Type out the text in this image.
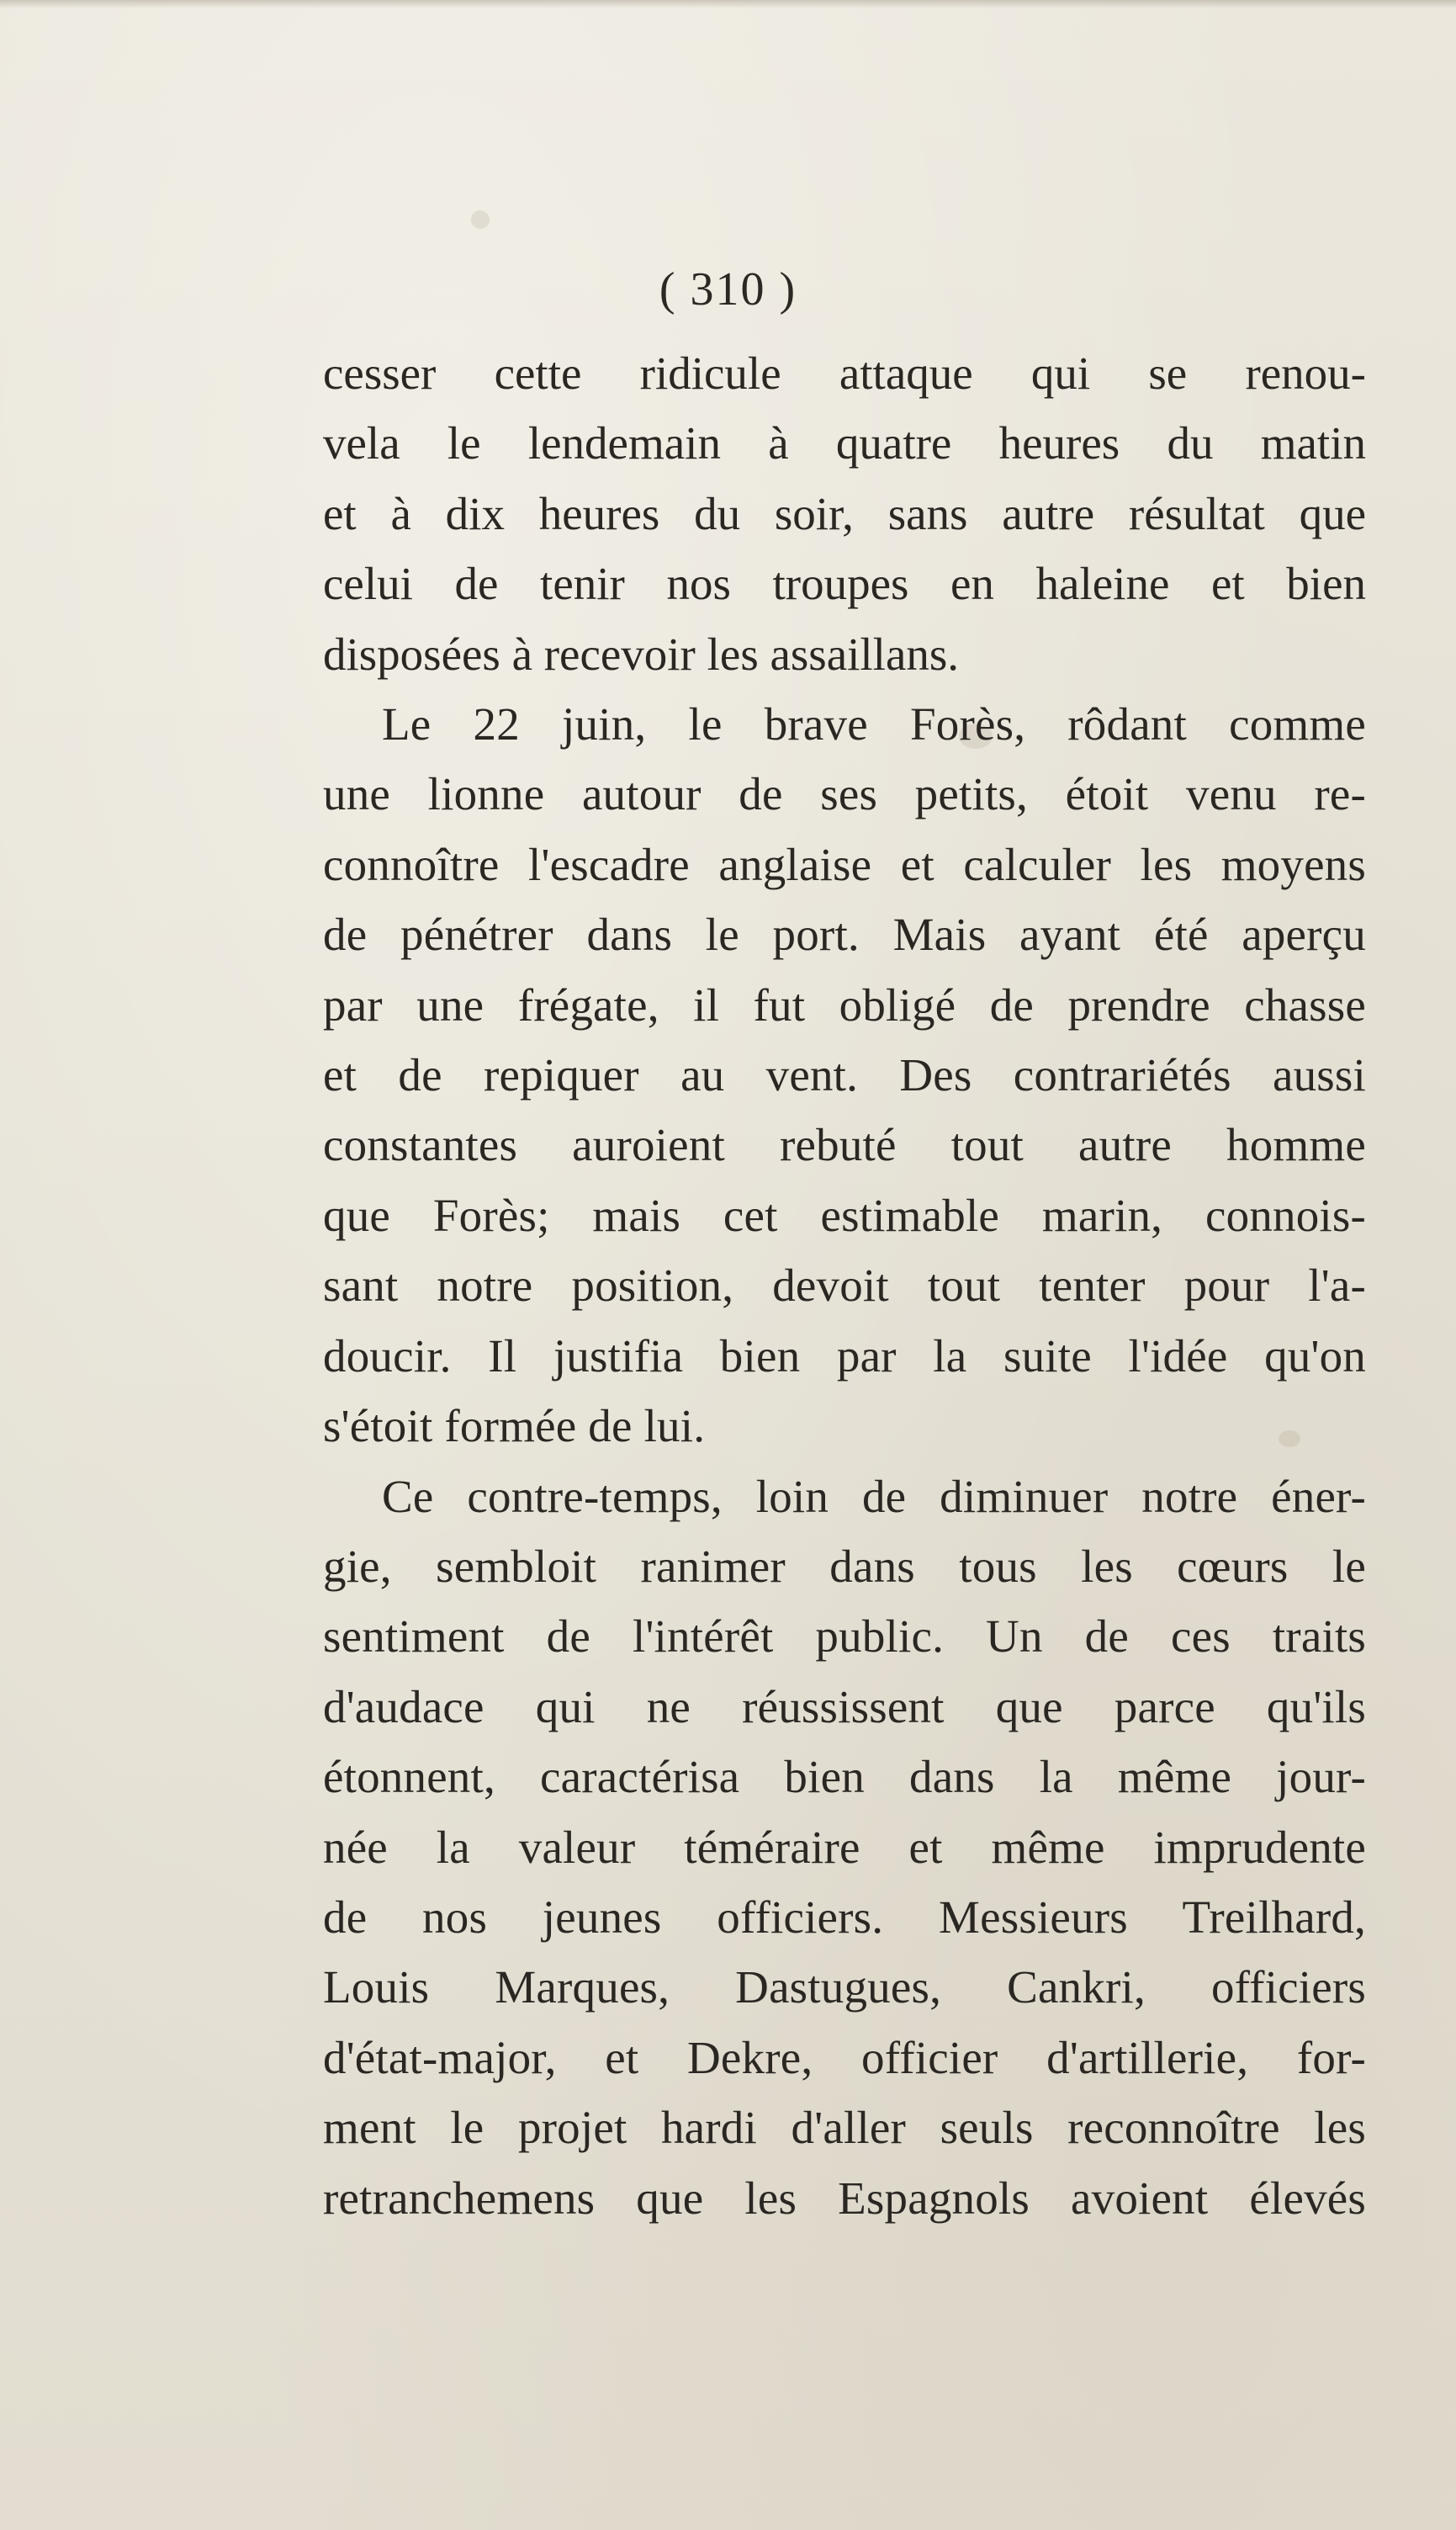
( 310 )
cesser cette ridicule attaque qui se renou-
vela le lendemain à quatre heures du matin
et à dix heures du soir, sans autre résultat que
celui de tenir nos troupes en haleine et bien
disposées à recevoir les assaillans.
Le 22 juin, le brave Forès, rôdant comme
une lionne autour de ses petits, étoit venu re-
connoître l'escadre anglaise et calculer les moyens
de pénétrer dans le port. Mais ayant été aperçu
par une frégate, il fut obligé de prendre chasse
et de repiquer au vent. Des contrariétés aussi
constantes auroient rebuté tout autre homme
que Forès; mais cet estimable marin, connois-
sant notre position, devoit tout tenter pour l'a-
doucir. Il justifia bien par la suite l'idée qu'on
s'étoit formée de lui.
Ce contre-temps, loin de diminuer notre éner-
gie, sembloit ranimer dans tous les cœurs le
sentiment de l'intérêt public. Un de ces traits
d'audace qui ne réussissent que parce qu'ils
étonnent, caractérisa bien dans la même jour-
née la valeur téméraire et même imprudente
de nos jeunes officiers. Messieurs Treilhard,
Louis Marques, Dastugues, Cankri, officiers
d'état-major, et Dekre, officier d'artillerie, for-
ment le projet hardi d'aller seuls reconnoître les
retranchemens que les Espagnols avoient élevés
